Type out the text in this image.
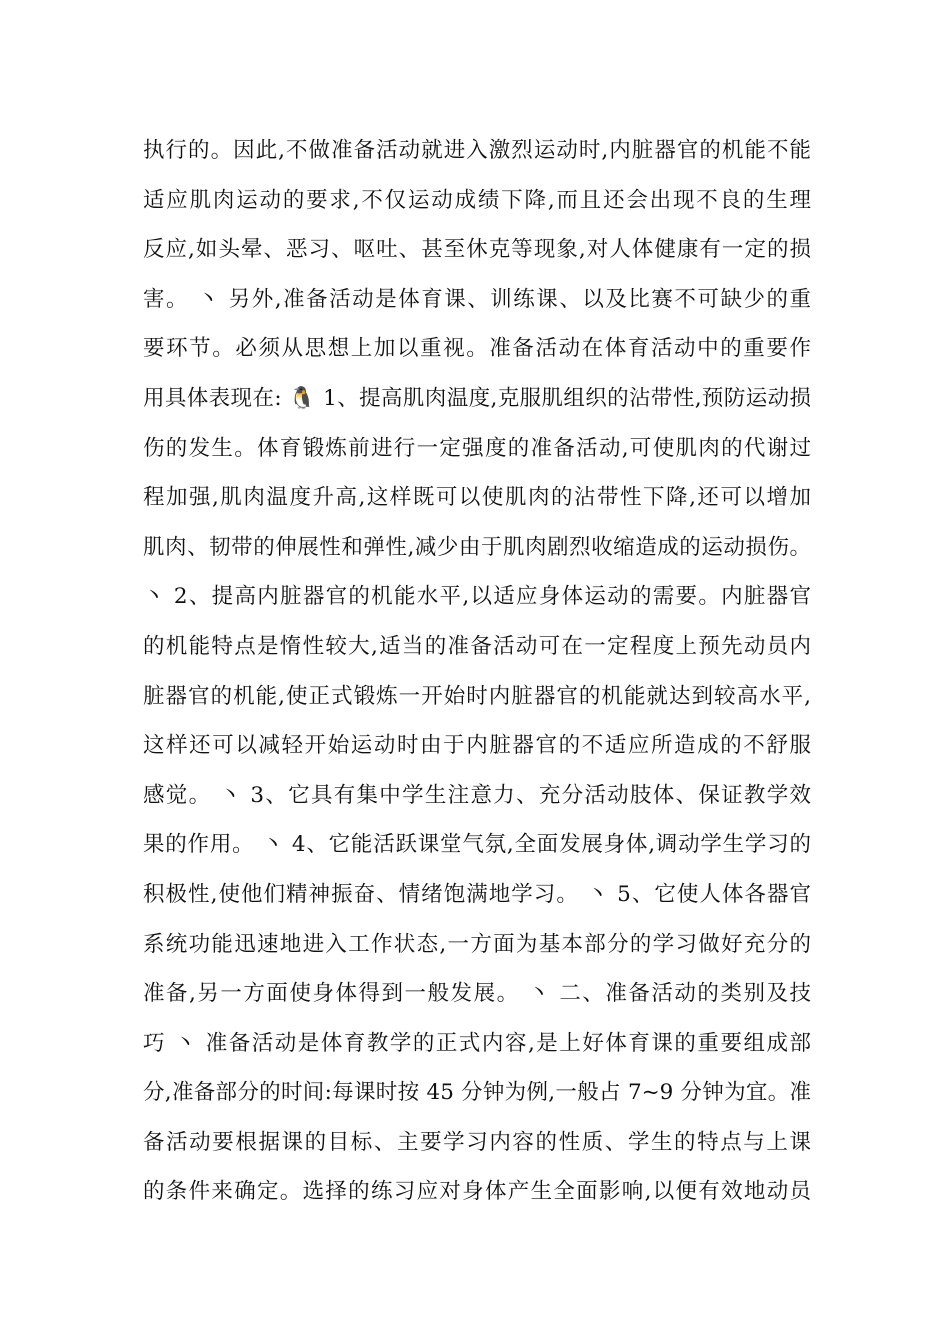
执行的。因此,不做准备活动就进入激烈运动时,内脏器官的机能不能
适应肌肉运动的要求,不仅运动成绩下降,而且还会出现不良的生理
反应,如头晕、恶习、呕吐、甚至休克等现象,对人体健康有一定的损
害。 丶 另外,准备活动是体育课、训练课、以及比赛不可缺少的重
要环节。必须从思想上加以重视。准备活动在体育活动中的重要作
用具体表现在: 🐧 1、提高肌肉温度,克服肌组织的沾带性,预防运动损
伤的发生。体育锻炼前进行一定强度的准备活动,可使肌肉的代谢过
程加强,肌肉温度升高,这样既可以使肌肉的沾带性下降,还可以增加
肌肉、韧带的伸展性和弹性,减少由于肌肉剧烈收缩造成的运动损伤。
丶 2、提高内脏器官的机能水平,以适应身体运动的需要。内脏器官
的机能特点是惰性较大,适当的准备活动可在一定程度上预先动员内
脏器官的机能,使正式锻炼一开始时内脏器官的机能就达到较高水平,
这样还可以减轻开始运动时由于内脏器官的不适应所造成的不舒服
感觉。 丶 3、它具有集中学生注意力、充分活动肢体、保证教学效
果的作用。 丶 4、它能活跃课堂气氛,全面发展身体,调动学生学习的
积极性,使他们精神振奋、情绪饱满地学习。 丶 5、它使人体各器官
系统功能迅速地进入工作状态,一方面为基本部分的学习做好充分的
准备,另一方面使身体得到一般发展。 丶 二、准备活动的类别及技
巧 丶 准备活动是体育教学的正式内容,是上好体育课的重要组成部
分,准备部分的时间:每课时按 45 分钟为例,一般占 7~9 分钟为宜。准
备活动要根据课的目标、主要学习内容的性质、学生的特点与上课
的条件来确定。选择的练习应对身体产生全面影响,以便有效地动员
